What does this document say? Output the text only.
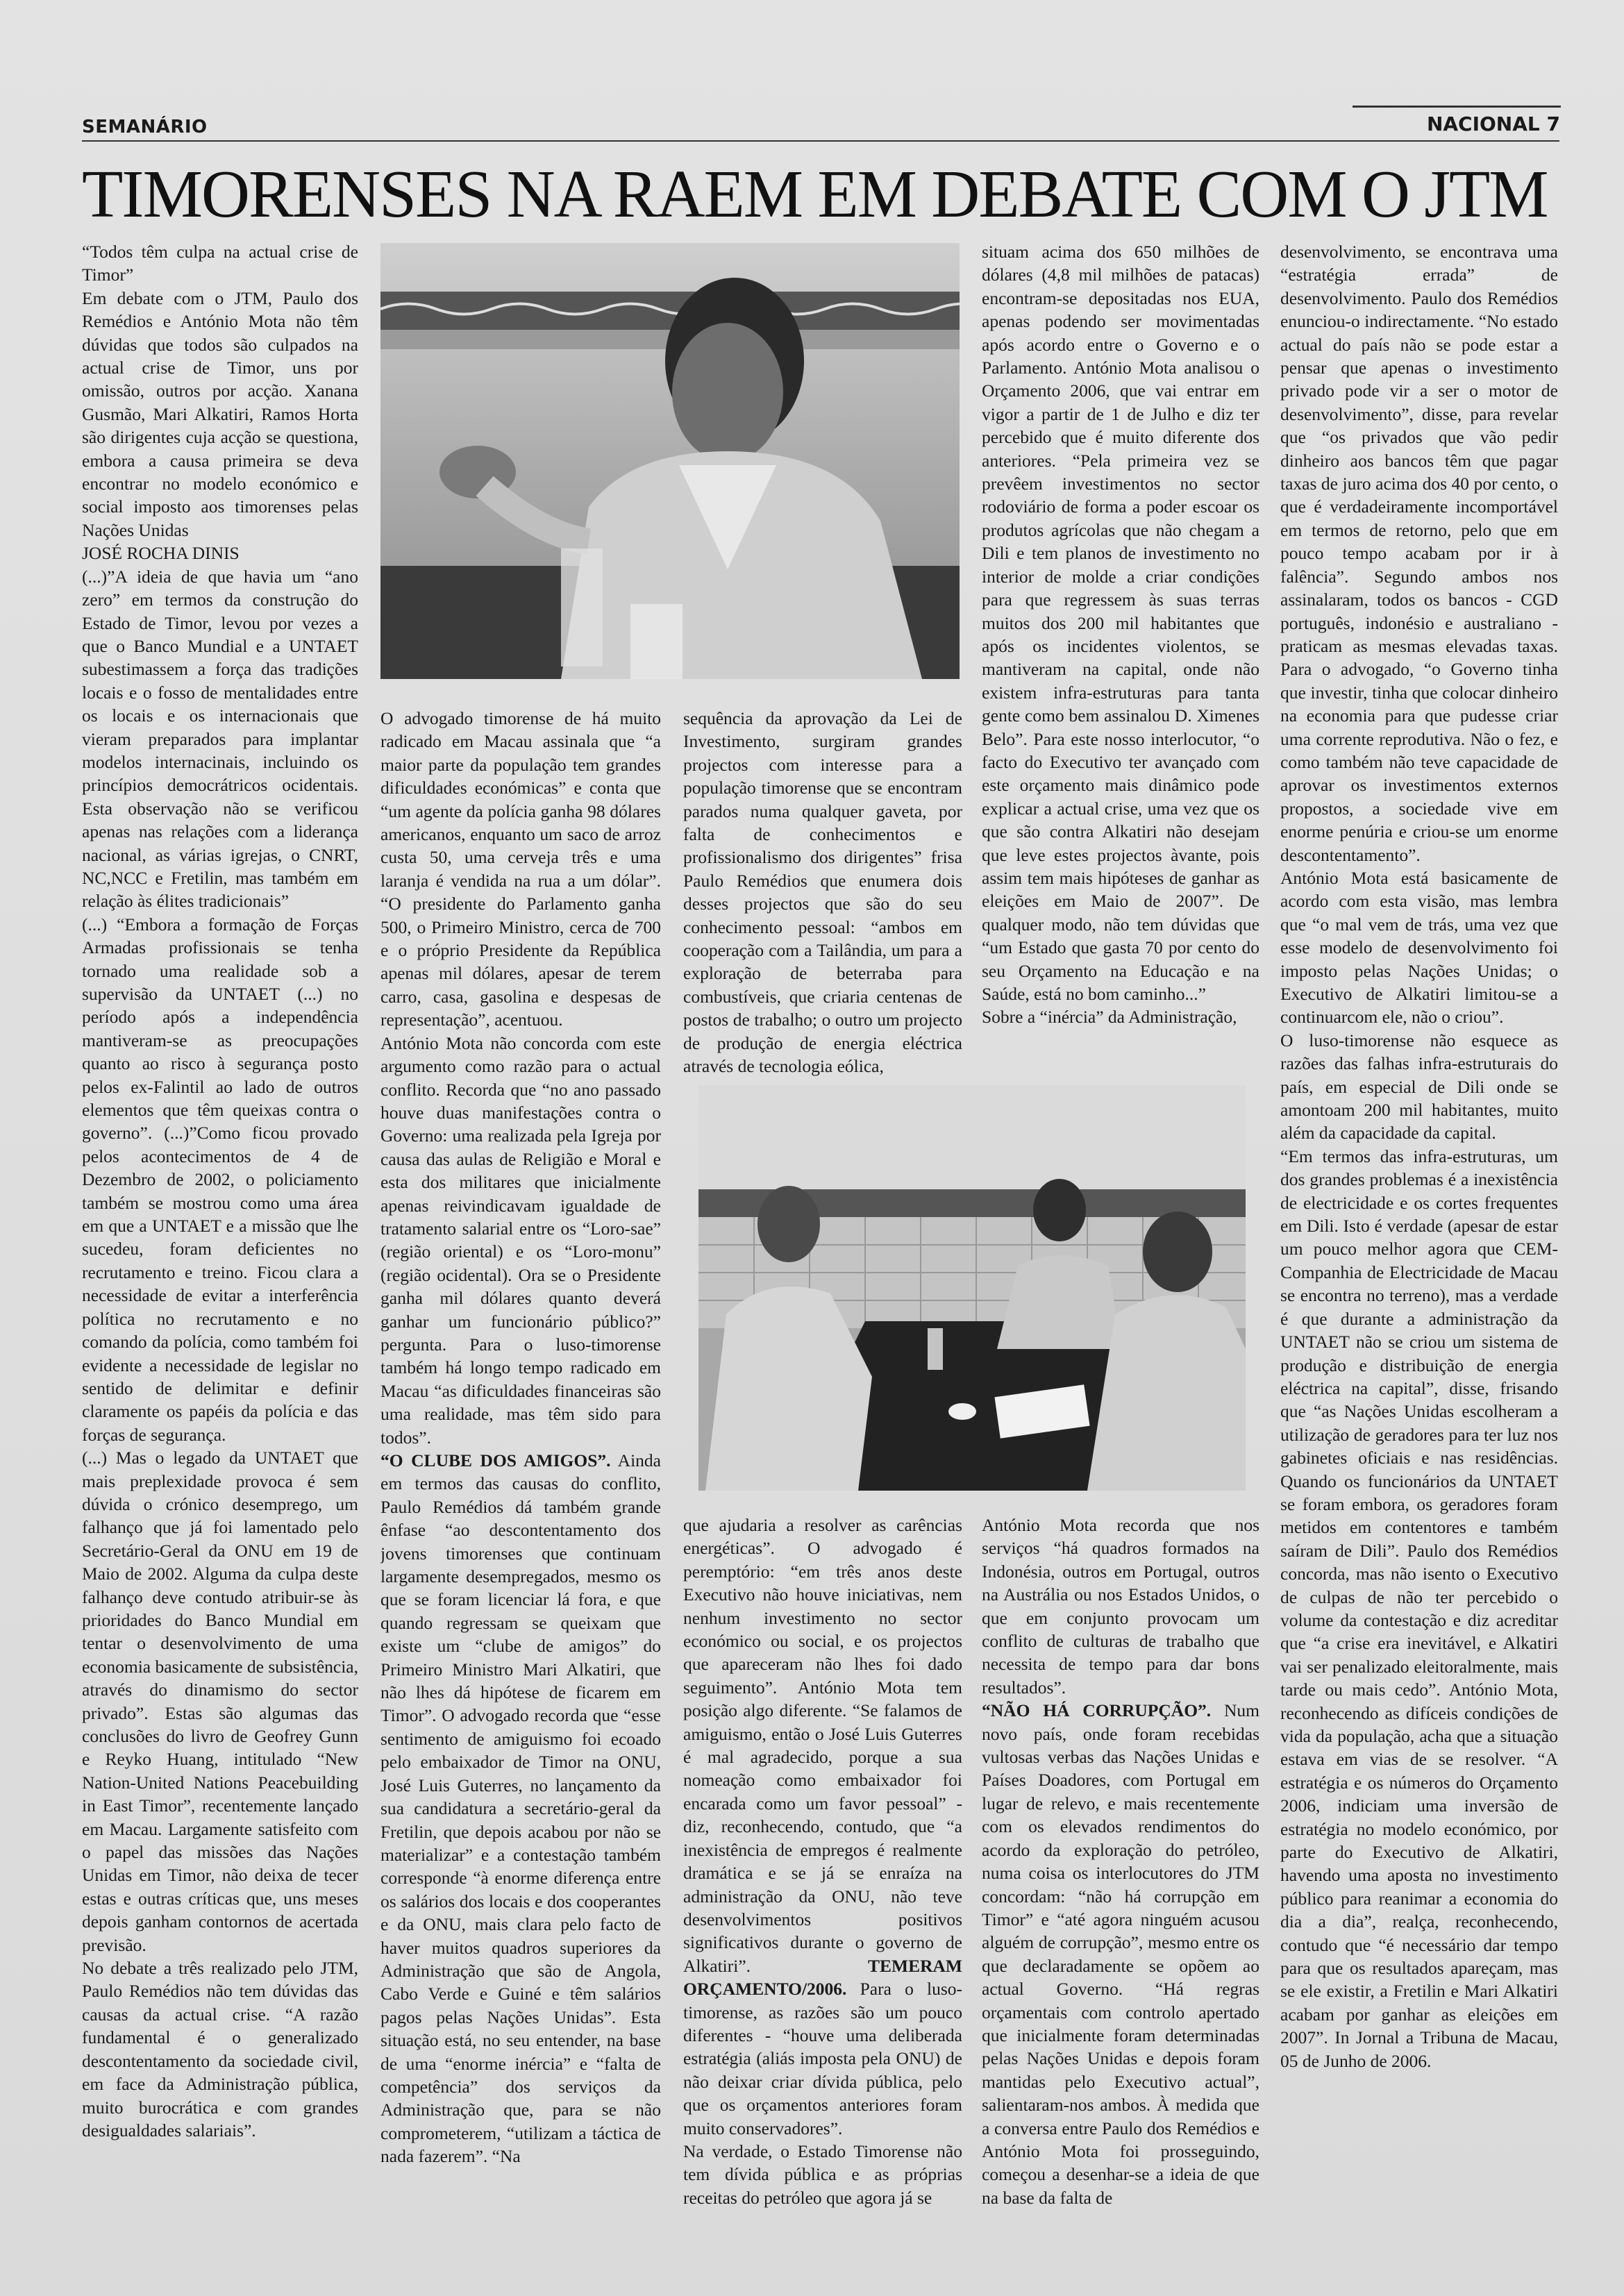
SEMANÁRIO	NACIONAL 7
TIMORENSES NA RAEM EM DEBATE COM O JTM

“Todos têm culpa na actual crise de Timor”

Em debate com o JTM, Paulo dos Remédios e António Mota não têm dúvidas que todos são culpados na actual crise de Timor, uns por omissão, outros por acção. Xanana Gusmão, Mari Alkatiri, Ramos Horta são dirigentes cuja acção se questiona, embora a causa primeira se deva encontrar no modelo económico e social imposto aos timorenses pelas Nações Unidas

JOSÉ ROCHA DINIS

(...)”A ideia de que havia um “ano zero” em termos da construção do Estado de Timor, levou por vezes a que o Banco Mundial e a UNTAET subestimassem a força das tradições locais e o fosso de mentalidades entre os locais e os internacionais que vieram preparados para implantar modelos internacinais, incluindo os princípios democrátricos ocidentais. Esta observação não se verificou apenas nas relações com a liderança nacional, as várias igrejas, o CNRT, NC,NCC e Fretilin, mas também em relação às élites tradicionais”

(...) “Embora a formação de Forças Armadas profissionais se tenha tornado uma realidade sob a supervisão da UNTAET (...) no período após a independência mantiveram-se as preocupações quanto ao risco à segurança posto pelos ex-Falintil ao lado de outros elementos que têm queixas contra o governo”. (...)”Como ficou provado pelos acontecimentos de 4 de Dezembro de 2002, o policiamento também se mostrou como uma área em que a UNTAET e a missão que lhe sucedeu, foram deficientes no recrutamento e treino. Ficou clara a necessidade de evitar a interferência política no recrutamento e no comando da polícia, como também foi evidente a necessidade de legislar no sentido de delimitar e definir claramente os papéis da polícia e das forças de segurança.

(...) Mas o legado da UNTAET que mais preplexidade provoca é sem dúvida o crónico desemprego, um falhanço que já foi lamentado pelo Secretário-Geral da ONU em 19 de Maio de 2002. Alguma da culpa deste falhanço deve contudo atribuir-se às prioridades do Banco Mundial em tentar o desenvolvimento de uma economia basicamente de subsistência, através do dinamismo do sector privado”. Estas são algumas das conclusões do livro de Geofrey Gunn e Reyko Huang, intitulado “New Nation-United Nations Peacebuilding in East Timor”, recentemente lançado em Macau. Largamente satisfeito com o papel das missões das Nações Unidas em Timor, não deixa de tecer estas e outras críticas que, uns meses depois ganham contornos de acertada previsão.

No debate a três realizado pelo JTM, Paulo Remédios não tem dúvidas das causas da actual crise. “A razão fundamental é o generalizado descontentamento da sociedade civil, em face da Administração pública, muito burocrática e com grandes desigualdades salariais”.

O advogado timorense de há muito radicado em Macau assinala que “a maior parte da população tem grandes dificuldades económicas” e conta que “um agente da polícia ganha 98 dólares americanos, enquanto um saco de arroz custa 50, uma cerveja três e uma laranja é vendida na rua a um dólar”. “O presidente do Parlamento ganha 500, o Primeiro Ministro, cerca de 700 e o próprio Presidente da República apenas mil dólares, apesar de terem carro, casa, gasolina e despesas de representação”, acentuou.

António Mota não concorda com este argumento como razão para o actual conflito. Recorda que “no ano passado houve duas manifestações contra o Governo: uma realizada pela Igreja por causa das aulas de Religião e Moral e esta dos militares que inicialmente apenas reivindicavam igualdade de tratamento salarial entre os “Loro-sae” (região oriental) e os “Loro-monu” (região ocidental). Ora se o Presidente ganha mil dólares quanto deverá ganhar um funcionário público?” pergunta. Para o luso-timorense também há longo tempo radicado em Macau “as dificuldades financeiras são uma realidade, mas têm sido para todos”.

“O CLUBE DOS AMIGOS”. Ainda em termos das causas do conflito, Paulo Remédios dá também grande ênfase “ao descontentamento dos jovens timorenses que continuam largamente desempregados, mesmo os que se foram licenciar lá fora, e que quando regressam se queixam que existe um “clube de amigos” do Primeiro Ministro Mari Alkatiri, que não lhes dá hipótese de ficarem em Timor”. O advogado recorda que “esse sentimento de amiguismo foi ecoado pelo embaixador de Timor na ONU, José Luis Guterres, no lançamento da sua candidatura a secretário-geral da Fretilin, que depois acabou por não se materializar” e a contestação também corresponde “à enorme diferença entre os salários dos locais e dos cooperantes e da ONU, mais clara pelo facto de haver muitos quadros superiores da Administração que são de Angola, Cabo Verde e Guiné e têm salários pagos pelas Nações Unidas”. Esta situação está, no seu entender, na base de uma “enorme inércia” e “falta de competência” dos serviços da Administração que, para se não comprometerem, “utilizam a táctica de nada fazerem”. “Na

sequência da aprovação da Lei de Investimento, surgiram grandes projectos com interesse para a população timorense que se encontram parados numa qualquer gaveta, por falta de conhecimentos e profissionalismo dos dirigentes” frisa Paulo Remédios que enumera dois desses projectos que são do seu conhecimento pessoal: “ambos em cooperação com a Tailândia, um para a exploração de beterraba para combustíveis, que criaria centenas de postos de trabalho; o outro um projecto de produção de energia eléctrica através de tecnologia eólica,

que ajudaria a resolver as carências energéticas”. O advogado é peremptório: “em três anos deste Executivo não houve iniciativas, nem nenhum investimento no sector económico ou social, e os projectos que apareceram não lhes foi dado seguimento”. António Mota tem posição algo diferente. “Se falamos de amiguismo, então o José Luis Guterres é mal agradecido, porque a sua nomeação como embaixador foi encarada como um favor pessoal” - diz, reconhecendo, contudo, que “a inexistência de empregos é realmente dramática e se já se enraíza na administração da ONU, não teve desenvolvimentos positivos significativos durante o governo de Alkatiri”. TEMERAM ORÇAMENTO/2006. Para o luso-timorense, as razões são um pouco diferentes - “houve uma deliberada estratégia (aliás imposta pela ONU) de não deixar criar dívida pública, pelo que os orçamentos anteriores foram muito conservadores”.

Na verdade, o Estado Timorense não tem dívida pública e as próprias receitas do petróleo que agora já se

situam acima dos 650 milhões de dólares (4,8 mil milhões de patacas) encontram-se depositadas nos EUA, apenas podendo ser movimentadas após acordo entre o Governo e o Parlamento. António Mota analisou o Orçamento 2006, que vai entrar em vigor a partir de 1 de Julho e diz ter percebido que é muito diferente dos anteriores. “Pela primeira vez se prevêem investimentos no sector rodoviário de forma a poder escoar os produtos agrícolas que não chegam a Dili e tem planos de investimento no interior de molde a criar condições para que regressem às suas terras muitos dos 200 mil habitantes que após os incidentes violentos, se mantiveram na capital, onde não existem infra-estruturas para tanta gente como bem assinalou D. Ximenes Belo”. Para este nosso interlocutor, “o facto do Executivo ter avançado com este orçamento mais dinâmico pode explicar a actual crise, uma vez que os que são contra Alkatiri não desejam que leve estes projectos àvante, pois assim tem mais hipóteses de ganhar as eleições em Maio de 2007”. De qualquer modo, não tem dúvidas que “um Estado que gasta 70 por cento do seu Orçamento na Educação e na Saúde, está no bom caminho...”

Sobre a “inércia” da Administração,

António Mota recorda que nos serviços “há quadros formados na Indonésia, outros em Portugal, outros na Austrália ou nos Estados Unidos, o que em conjunto provocam um conflito de culturas de trabalho que necessita de tempo para dar bons resultados”.

“NÃO HÁ CORRUPÇÃO”. Num novo país, onde foram recebidas vultosas verbas das Nações Unidas e Países Doadores, com Portugal em lugar de relevo, e mais recentemente com os elevados rendimentos do acordo da exploração do petróleo, numa coisa os interlocutores do JTM concordam: “não há corrupção em Timor” e “até agora ninguém acusou alguém de corrupção”, mesmo entre os que declaradamente se opõem ao actual Governo. “Há regras orçamentais com controlo apertado que inicialmente foram determinadas pelas Nações Unidas e depois foram mantidas pelo Executivo actual”, salientaram-nos ambos. À medida que a conversa entre Paulo dos Remédios e António Mota foi prosseguindo, começou a desenhar-se a ideia de que na base da falta de

desenvolvimento, se encontrava uma “estratégia errada” de desenvolvimento. Paulo dos Remédios enunciou-o indirectamente. “No estado actual do país não se pode estar a pensar que apenas o investimento privado pode vir a ser o motor de desenvolvimento”, disse, para revelar que “os privados que vão pedir dinheiro aos bancos têm que pagar taxas de juro acima dos 40 por cento, o que é verdadeiramente incomportável em termos de retorno, pelo que em pouco tempo acabam por ir à falência”. Segundo ambos nos assinalaram, todos os bancos - CGD português, indonésio e australiano - praticam as mesmas elevadas taxas. Para o advogado, “o Governo tinha que investir, tinha que colocar dinheiro na economia para que pudesse criar uma corrente reprodutiva. Não o fez, e como também não teve capacidade de aprovar os investimentos externos propostos, a sociedade vive em enorme penúria e criou-se um enorme descontentamento”.

António Mota está basicamente de acordo com esta visão, mas lembra que “o mal vem de trás, uma vez que esse modelo de desenvolvimento foi imposto pelas Nações Unidas; o Executivo de Alkatiri limitou-se a continuarcom ele, não o criou”.

O luso-timorense não esquece as razões das falhas infra-estruturais do país, em especial de Dili onde se amontoam 200 mil habitantes, muito além da capacidade da capital.

“Em termos das infra-estruturas, um dos grandes problemas é a inexistência de electricidade e os cortes frequentes em Dili. Isto é verdade (apesar de estar um pouco melhor agora que CEM-Companhia de Electricidade de Macau se encontra no terreno), mas a verdade é que durante a administração da UNTAET não se criou um sistema de produção e distribuição de energia eléctrica na capital”, disse, frisando que “as Nações Unidas escolheram a utilização de geradores para ter luz nos gabinetes oficiais e nas residências. Quando os funcionários da UNTAET se foram embora, os geradores foram metidos em contentores e também saíram de Dili”. Paulo dos Remédios concorda, mas não isento o Executivo de culpas de não ter percebido o volume da contestação e diz acreditar que “a crise era inevitável, e Alkatiri vai ser penalizado eleitoralmente, mais tarde ou mais cedo”. António Mota, reconhecendo as difíceis condições de vida da população, acha que a situação estava em vias de se resolver. “A estratégia e os números do Orçamento 2006, indiciam uma inversão de estratégia no modelo económico, por parte do Executivo de Alkatiri, havendo uma aposta no investimento público para reanimar a economia do dia a dia”, realça, reconhecendo, contudo que “é necessário dar tempo para que os resultados apareçam, mas se ele existir, a Fretilin e Mari Alkatiri acabam por ganhar as eleições em 2007”. In Jornal a Tribuna de Macau, 05 de Junho de 2006.
